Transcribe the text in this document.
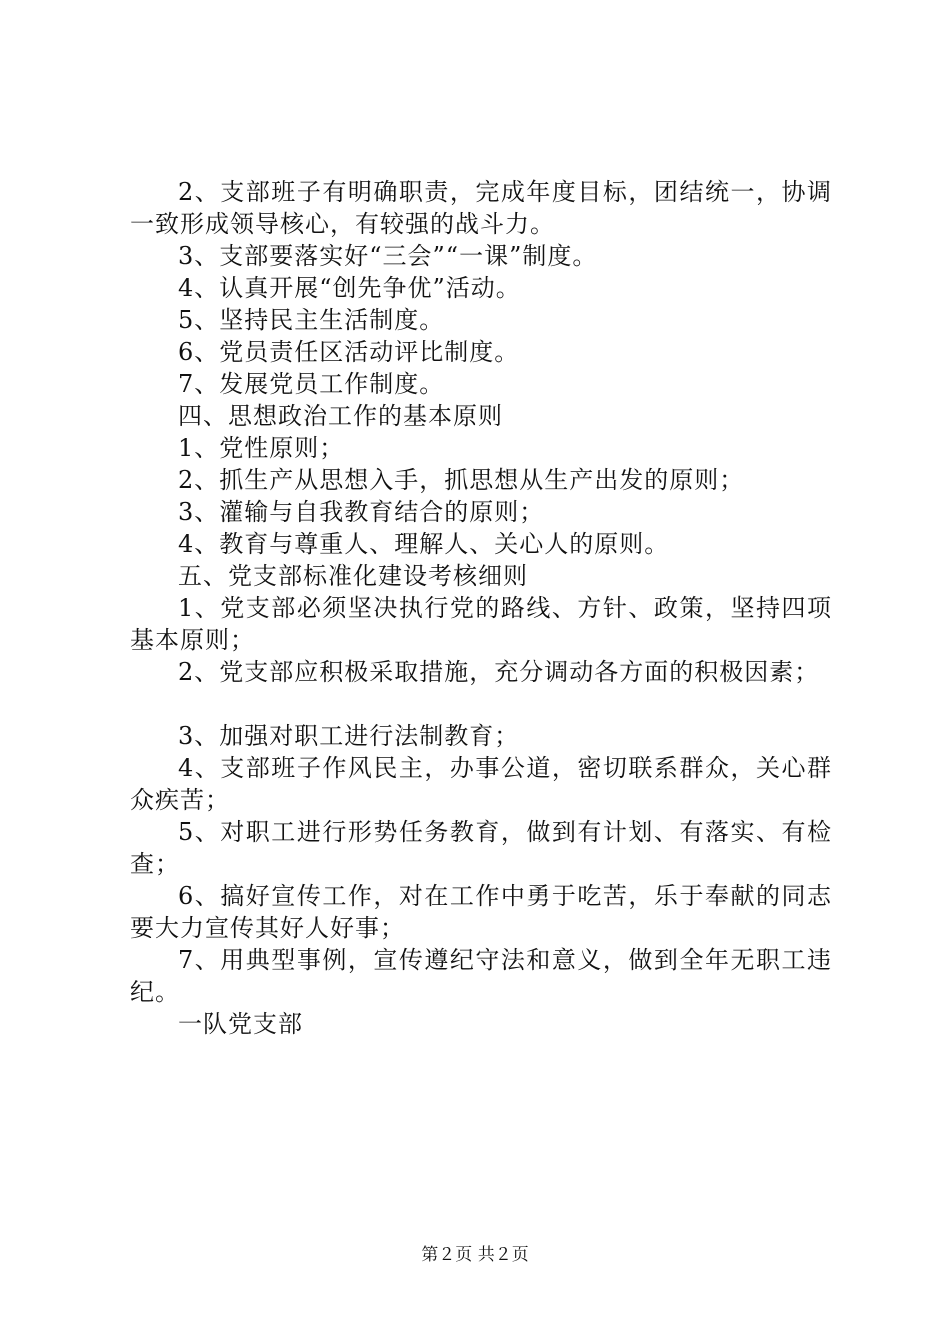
2、支部班子有明确职责，完成年度目标，团结统一，协调一致形成领导核心，有较强的战斗力。

3、支部要落实好“三会”“一课”制度。

4、认真开展“创先争优”活动。

5、坚持民主生活制度。

6、党员责任区活动评比制度。

7、发展党员工作制度。

四、思想政治工作的基本原则

1、党性原则；

2、抓生产从思想入手，抓思想从生产出发的原则；

3、灌输与自我教育结合的原则；

4、教育与尊重人、理解人、关心人的原则。

五、党支部标准化建设考核细则

1、党支部必须坚决执行党的路线、方针、政策，坚持四项基本原则；

2、党支部应积极采取措施，充分调动各方面的积极因素；

3、加强对职工进行法制教育；

4、支部班子作风民主，办事公道，密切联系群众，关心群众疾苦；

5、对职工进行形势任务教育，做到有计划、有落实、有检查；

6、搞好宣传工作，对在工作中勇于吃苦，乐于奉献的同志要大力宣传其好人好事；

7、用典型事例，宣传遵纪守法和意义，做到全年无职工违纪。

一队党支部

第２页 共２页
